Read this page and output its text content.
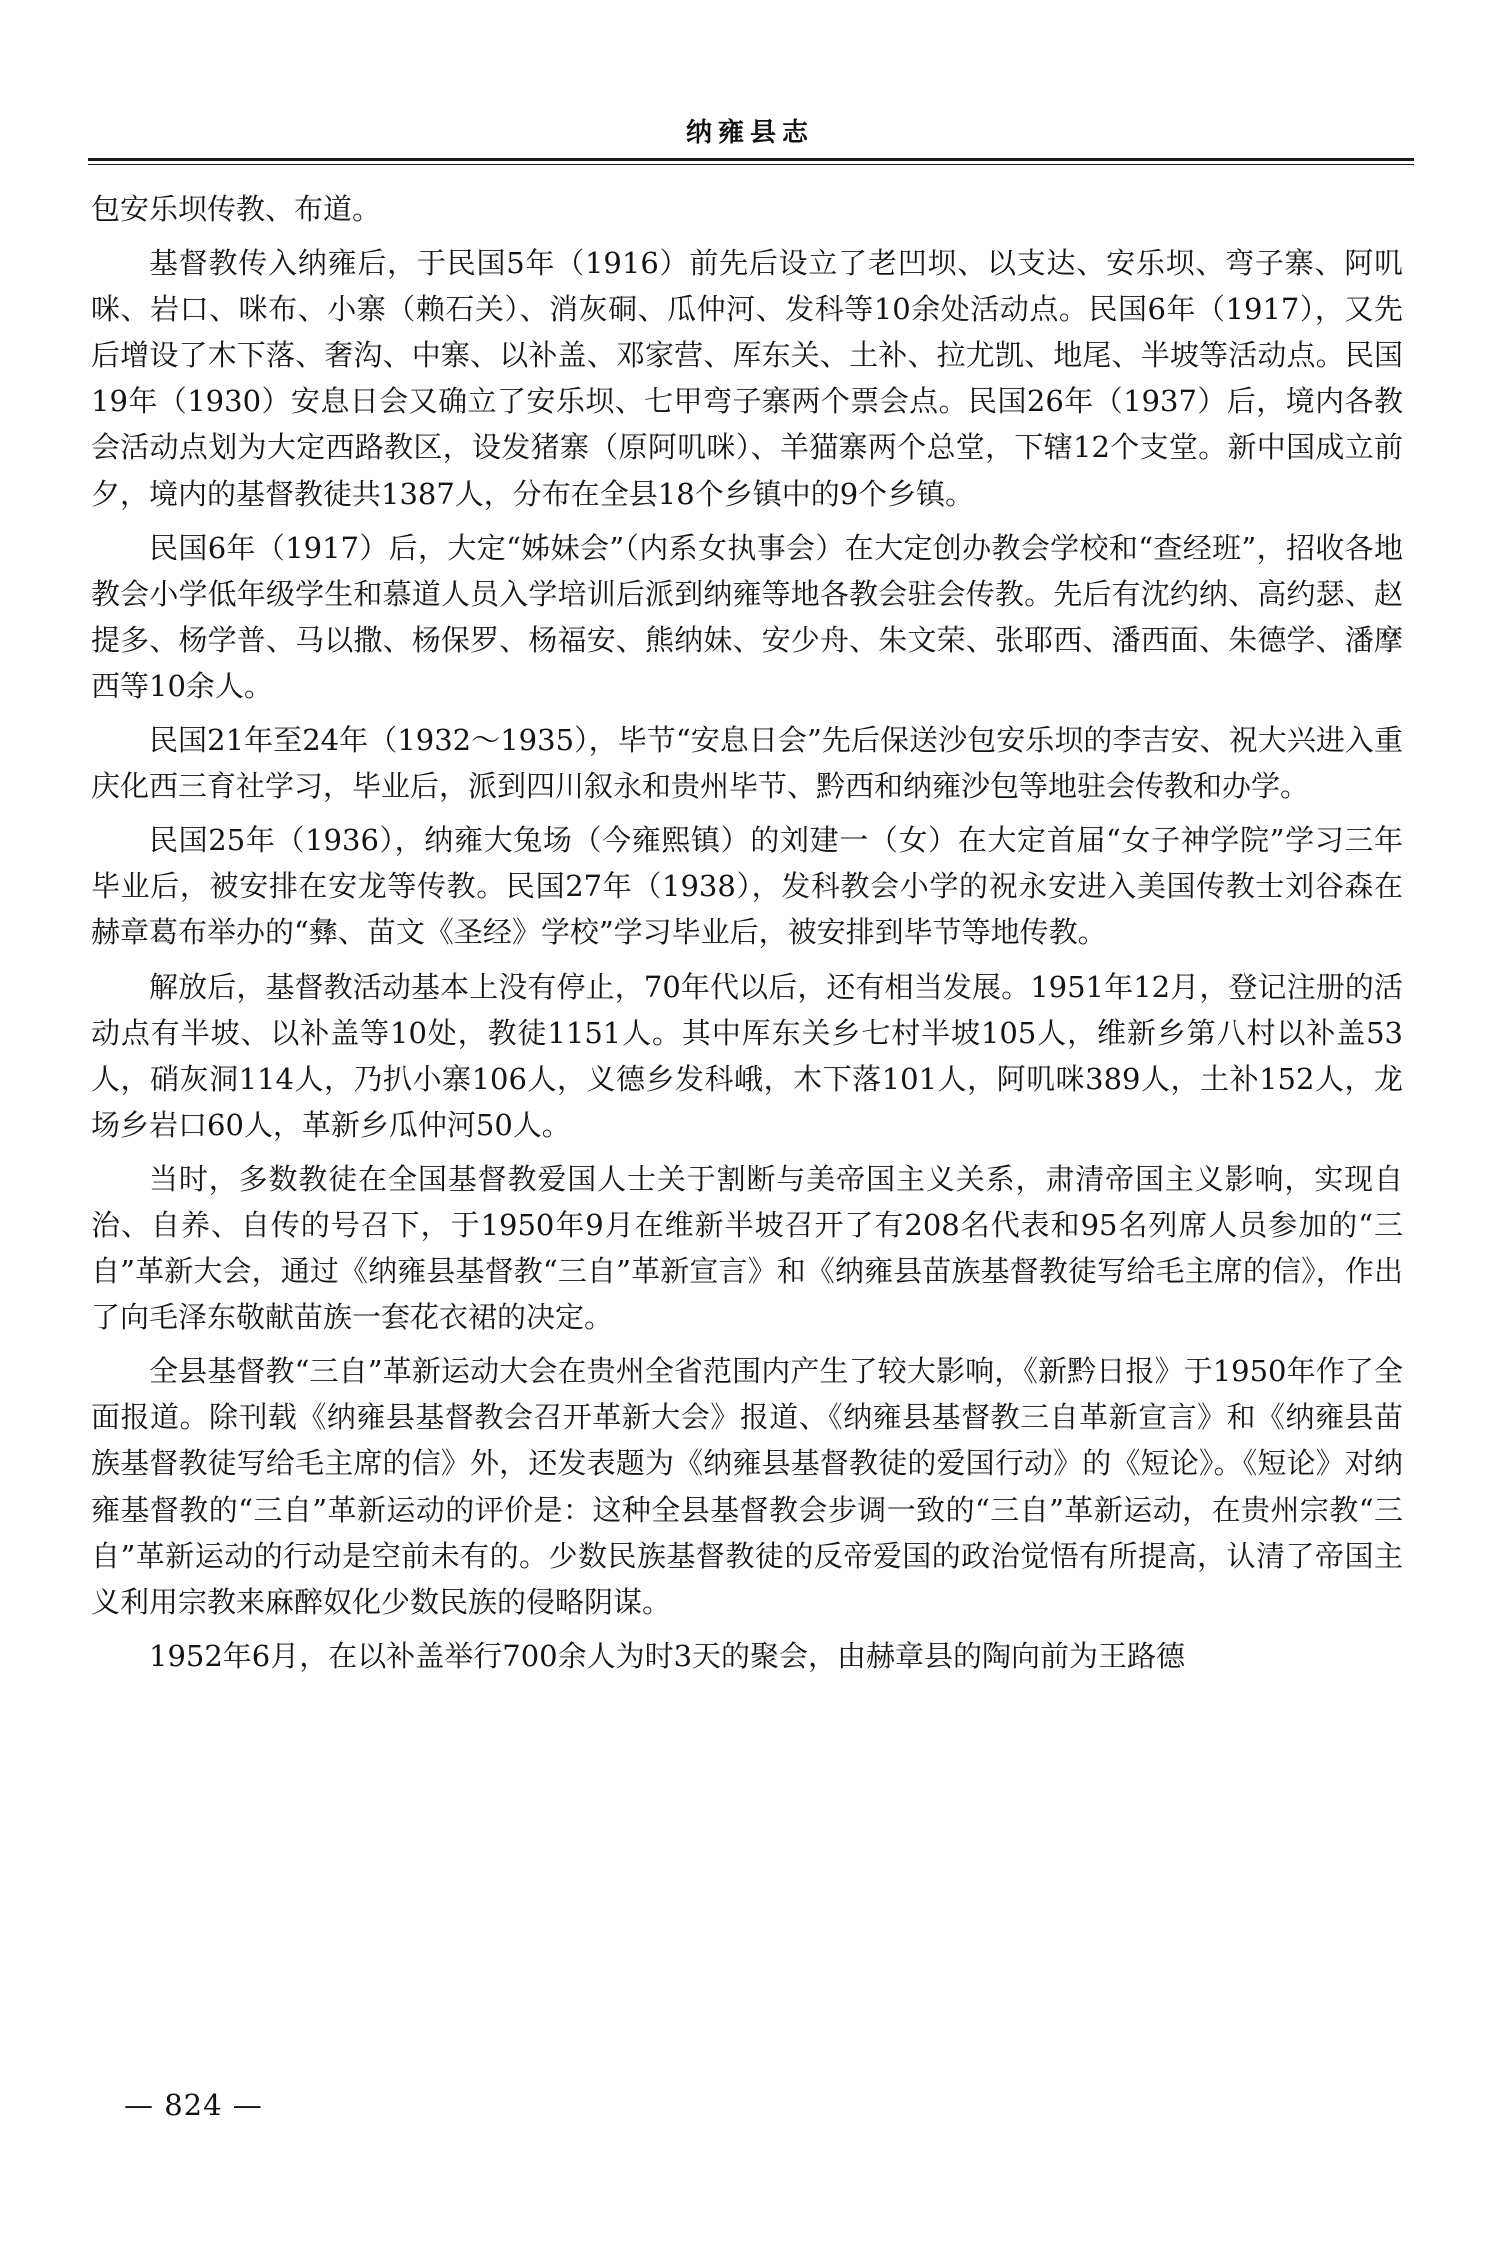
纳雍县志

包安乐坝传教、布道。

基督教传入纳雍后，于民国5年（1916）前先后设立了老凹坝、以支达、安乐坝、弯子寨、阿叽咪、岩口、咪布、小寨（赖石关）、消灰硐、瓜仲河、发科等10余处活动点。民国6年（1917），又先后增设了木下落、奢沟、中寨、以补盖、邓家营、厍东关、土补、拉尤凯、地尾、半坡等活动点。民国19年（1930）安息日会又确立了安乐坝、七甲弯子寨两个票会点。民国26年（1937）后，境内各教会活动点划为大定西路教区，设发猪寨（原阿叽咪）、羊猫寨两个总堂，下辖12个支堂。新中国成立前夕，境内的基督教徒共1387人，分布在全县18个乡镇中的9个乡镇。

民国6年（1917）后，大定“姊妹会”（内系女执事会）在大定创办教会学校和“查经班”，招收各地教会小学低年级学生和慕道人员入学培训后派到纳雍等地各教会驻会传教。先后有沈约纳、高约瑟、赵提多、杨学普、马以撒、杨保罗、杨福安、熊纳妹、安少舟、朱文荣、张耶西、潘西面、朱德学、潘摩西等10余人。

民国21年至24年（1932～1935），毕节“安息日会”先后保送沙包安乐坝的李吉安、祝大兴进入重庆化西三育社学习，毕业后，派到四川叙永和贵州毕节、黔西和纳雍沙包等地驻会传教和办学。

民国25年（1936），纳雍大兔场（今雍熙镇）的刘建一（女）在大定首届“女子神学院”学习三年毕业后，被安排在安龙等传教。民国27年（1938），发科教会小学的祝永安进入美国传教士刘谷森在赫章葛布举办的“彝、苗文《圣经》学校”学习毕业后，被安排到毕节等地传教。

解放后，基督教活动基本上没有停止，70年代以后，还有相当发展。1951年12月，登记注册的活动点有半坡、以补盖等10处，教徒1151人。其中厍东关乡七村半坡105人，维新乡第八村以补盖53人，硝灰洞114人，乃扒小寨106人，义德乡发科峨，木下落101人，阿叽咪389人，土补152人，龙场乡岩口60人，革新乡瓜仲河50人。

当时，多数教徒在全国基督教爱国人士关于割断与美帝国主义关系，肃清帝国主义影响，实现自治、自养、自传的号召下，于1950年9月在维新半坡召开了有208名代表和95名列席人员参加的“三自”革新大会，通过《纳雍县基督教“三自”革新宣言》和《纳雍县苗族基督教徒写给毛主席的信》，作出了向毛泽东敬献苗族一套花衣裙的决定。

全县基督教“三自”革新运动大会在贵州全省范围内产生了较大影响，《新黔日报》于1950年作了全面报道。除刊载《纳雍县基督教会召开革新大会》报道、《纳雍县基督教三自革新宣言》和《纳雍县苗族基督教徒写给毛主席的信》外，还发表题为《纳雍县基督教徒的爱国行动》的《短论》。《短论》对纳雍基督教的“三自”革新运动的评价是：这种全县基督教会步调一致的“三自”革新运动，在贵州宗教“三自”革新运动的行动是空前未有的。少数民族基督教徒的反帝爱国的政治觉悟有所提高，认清了帝国主义利用宗教来麻醉奴化少数民族的侵略阴谋。

1952年6月，在以补盖举行700余人为时3天的聚会，由赫章县的陶向前为王路德

— 824 —
